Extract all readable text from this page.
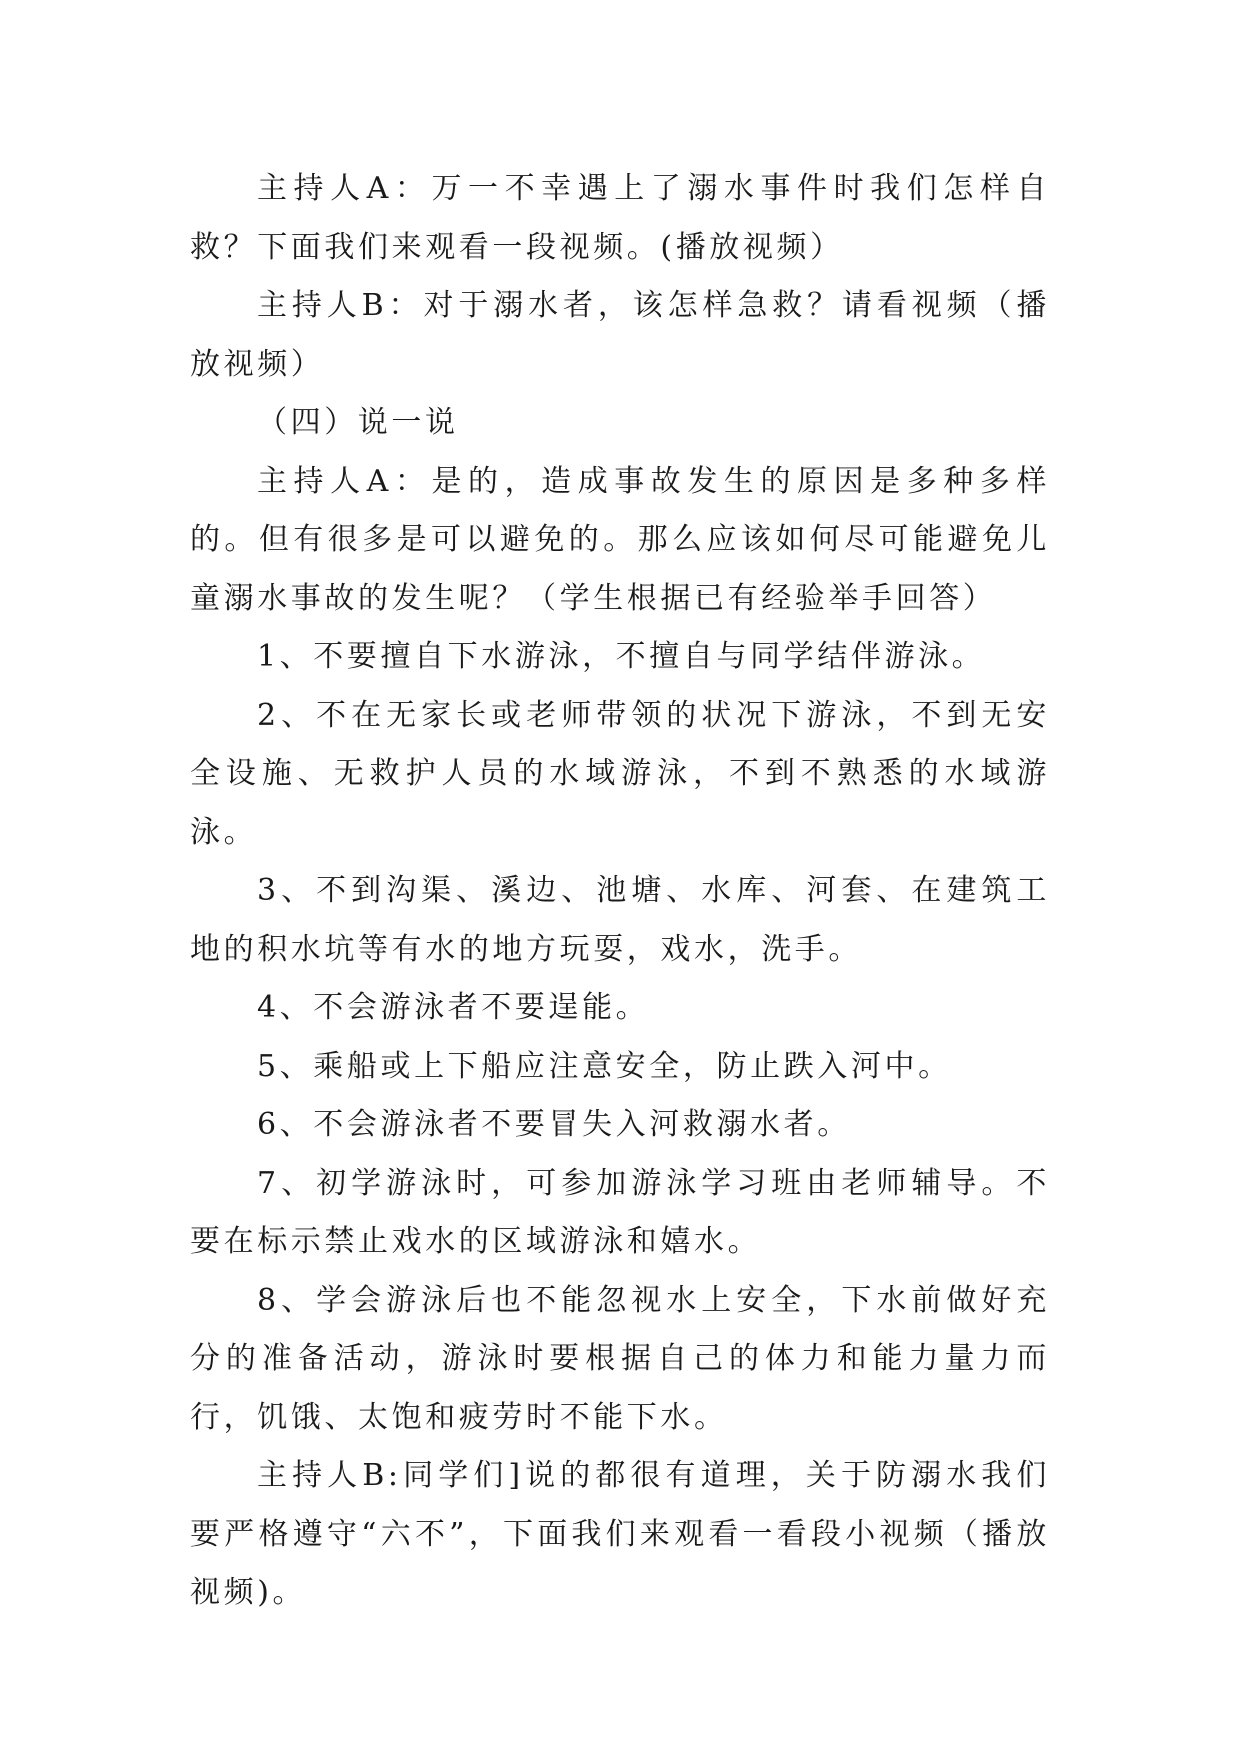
主持人A：万一不幸遇上了溺水事件时我们怎样自救？下面我们来观看一段视频。(播放视频）

主持人B：对于溺水者，该怎样急救？请看视频（播放视频）

（四）说一说

主持人A：是的，造成事故发生的原因是多种多样的。但有很多是可以避免的。那么应该如何尽可能避免儿童溺水事故的发生呢？（学生根据已有经验举手回答）

1、不要擅自下水游泳，不擅自与同学结伴游泳。

2、不在无家长或老师带领的状况下游泳，不到无安全设施、无救护人员的水域游泳，不到不熟悉的水域游泳。

3、不到沟渠、溪边、池塘、水库、河套、在建筑工地的积水坑等有水的地方玩耍，戏水，洗手。

4、不会游泳者不要逞能。

5、乘船或上下船应注意安全，防止跌入河中。

6、不会游泳者不要冒失入河救溺水者。

7、初学游泳时，可参加游泳学习班由老师辅导。不要在标示禁止戏水的区域游泳和嬉水。

8、学会游泳后也不能忽视水上安全，下水前做好充分的准备活动，游泳时要根据自己的体力和能力量力而行，饥饿、太饱和疲劳时不能下水。

主持人B:同学们]说的都很有道理，关于防溺水我们要严格遵守“六不”，下面我们来观看一看段小视频（播放视频)。
